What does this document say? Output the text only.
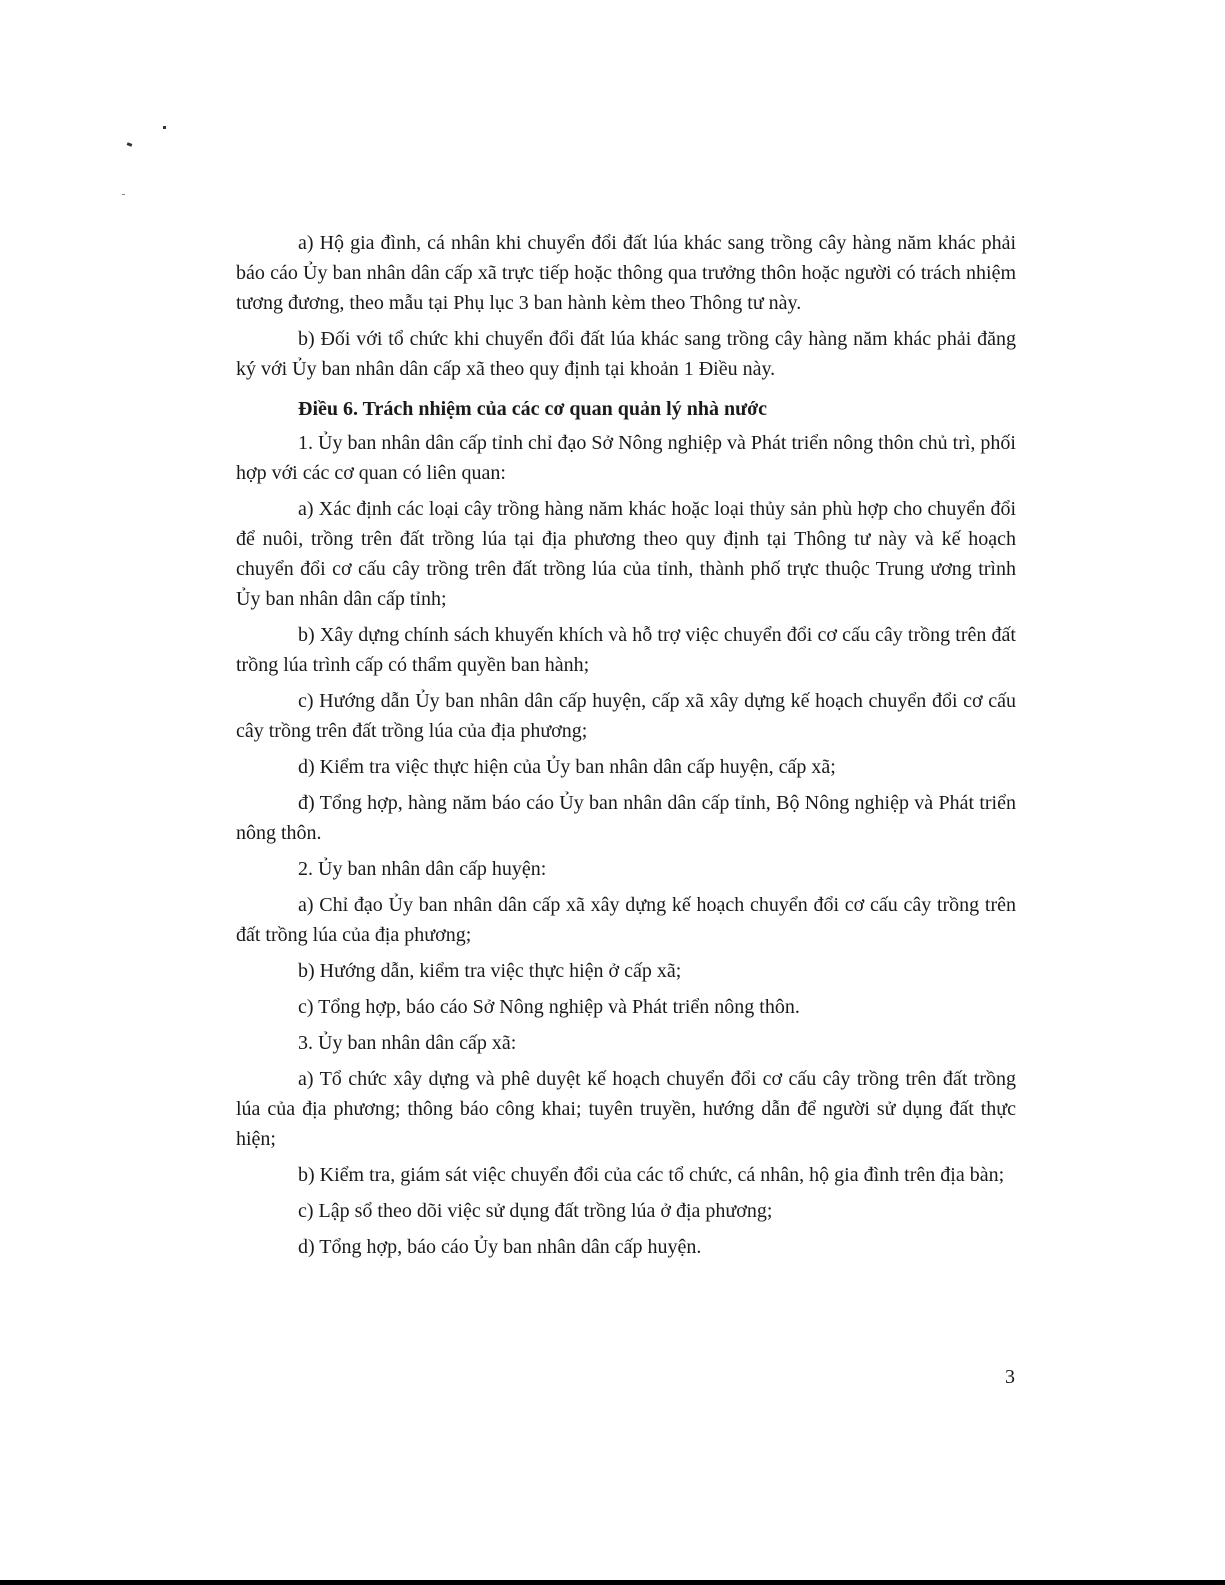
a) Hộ gia đình, cá nhân khi chuyển đổi đất lúa khác sang trồng cây hàng năm khác phải báo cáo Ủy ban nhân dân cấp xã trực tiếp hoặc thông qua trưởng thôn hoặc người có trách nhiệm tương đương, theo mẫu tại Phụ lục 3 ban hành kèm theo Thông tư này.

b) Đối với tổ chức khi chuyển đổi đất lúa khác sang trồng cây hàng năm khác phải đăng ký với Ủy ban nhân dân cấp xã theo quy định tại khoản 1 Điều này.

Điều 6. Trách nhiệm của các cơ quan quản lý nhà nước

1. Ủy ban nhân dân cấp tỉnh chỉ đạo Sở Nông nghiệp và Phát triển nông thôn chủ trì, phối hợp với các cơ quan có liên quan:

a) Xác định các loại cây trồng hàng năm khác hoặc loại thủy sản phù hợp cho chuyển đổi để nuôi, trồng trên đất trồng lúa tại địa phương theo quy định tại Thông tư này và kế hoạch chuyển đổi cơ cấu cây trồng trên đất trồng lúa của tỉnh, thành phố trực thuộc Trung ương trình Ủy ban nhân dân cấp tỉnh;

b) Xây dựng chính sách khuyến khích và hỗ trợ việc chuyển đổi cơ cấu cây trồng trên đất trồng lúa trình cấp có thẩm quyền ban hành;

c) Hướng dẫn Ủy ban nhân dân cấp huyện, cấp xã xây dựng kế hoạch chuyển đổi cơ cấu cây trồng trên đất trồng lúa của địa phương;

d) Kiểm tra việc thực hiện của Ủy ban nhân dân cấp huyện, cấp xã;

đ) Tổng hợp, hàng năm báo cáo Ủy ban nhân dân cấp tỉnh, Bộ Nông nghiệp và Phát triển nông thôn.

2. Ủy ban nhân dân cấp huyện:

a) Chỉ đạo Ủy ban nhân dân cấp xã xây dựng kế hoạch chuyển đổi cơ cấu cây trồng trên đất trồng lúa của địa phương;

b) Hướng dẫn, kiểm tra việc thực hiện ở cấp xã;

c) Tổng hợp, báo cáo Sở Nông nghiệp và Phát triển nông thôn.

3. Ủy ban nhân dân cấp xã:

a) Tổ chức xây dựng và phê duyệt kế hoạch chuyển đổi cơ cấu cây trồng trên đất trồng lúa của địa phương; thông báo công khai; tuyên truyền, hướng dẫn để người sử dụng đất thực hiện;

b) Kiểm tra, giám sát việc chuyển đổi của các tổ chức, cá nhân, hộ gia đình trên địa bàn;

c) Lập sổ theo dõi việc sử dụng đất trồng lúa ở địa phương;

d) Tổng hợp, báo cáo Ủy ban nhân dân cấp huyện.

3
